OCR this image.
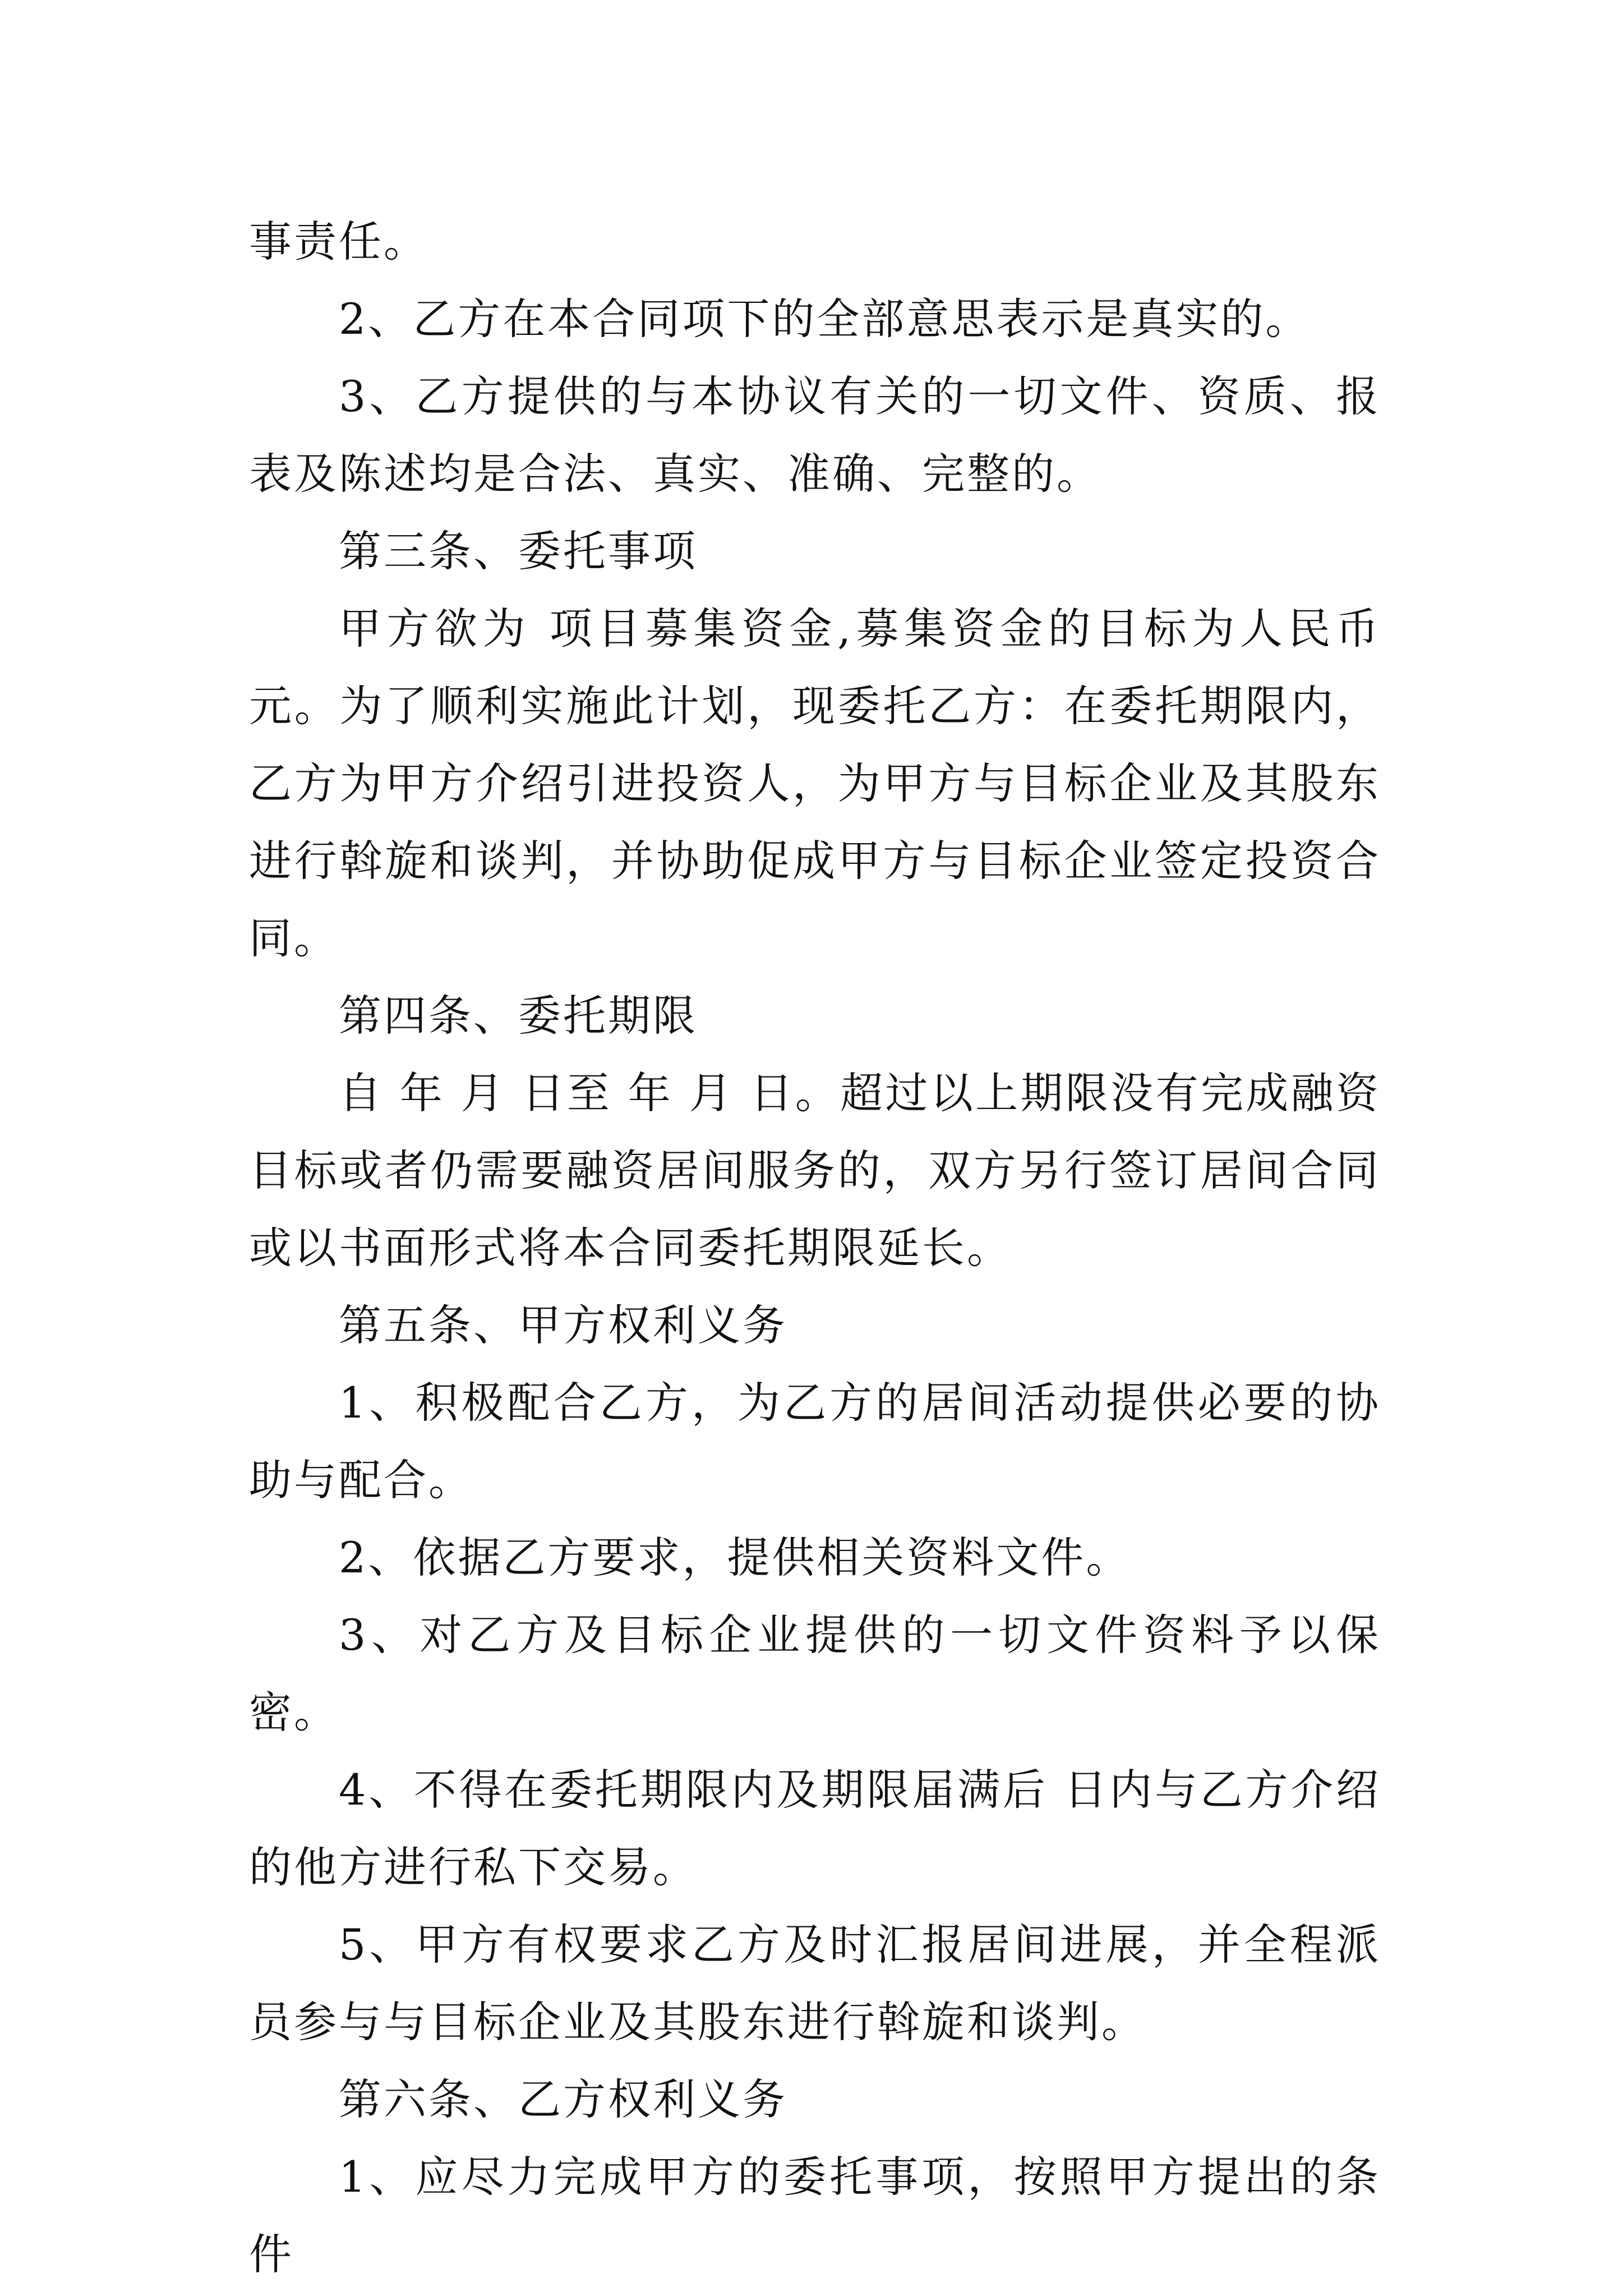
事责任。

2、乙方在本合同项下的全部意思表示是真实的。

3、乙方提供的与本协议有关的一切文件、资质、报表及陈述均是合法、真实、准确、完整的。

第三条、委托事项

甲方欲为 项目募集资金,募集资金的目标为人民币 元。为了顺利实施此计划，现委托乙方：在委托期限内，乙方为甲方介绍引进投资人，为甲方与目标企业及其股东进行斡旋和谈判，并协助促成甲方与目标企业签定投资合同。

第四条、委托期限

自 年 月 日至 年 月 日。超过以上期限没有完成融资目标或者仍需要融资居间服务的，双方另行签订居间合同或以书面形式将本合同委托期限延长。

第五条、甲方权利义务

1、积极配合乙方，为乙方的居间活动提供必要的协助与配合。

2、依据乙方要求，提供相关资料文件。

3、对乙方及目标企业提供的一切文件资料予以保密。

4、不得在委托期限内及期限届满后 日内与乙方介绍的他方进行私下交易。

5、甲方有权要求乙方及时汇报居间进展，并全程派员参与与目标企业及其股东进行斡旋和谈判。

第六条、乙方权利义务

1、应尽力完成甲方的委托事项，按照甲方提出的条件
